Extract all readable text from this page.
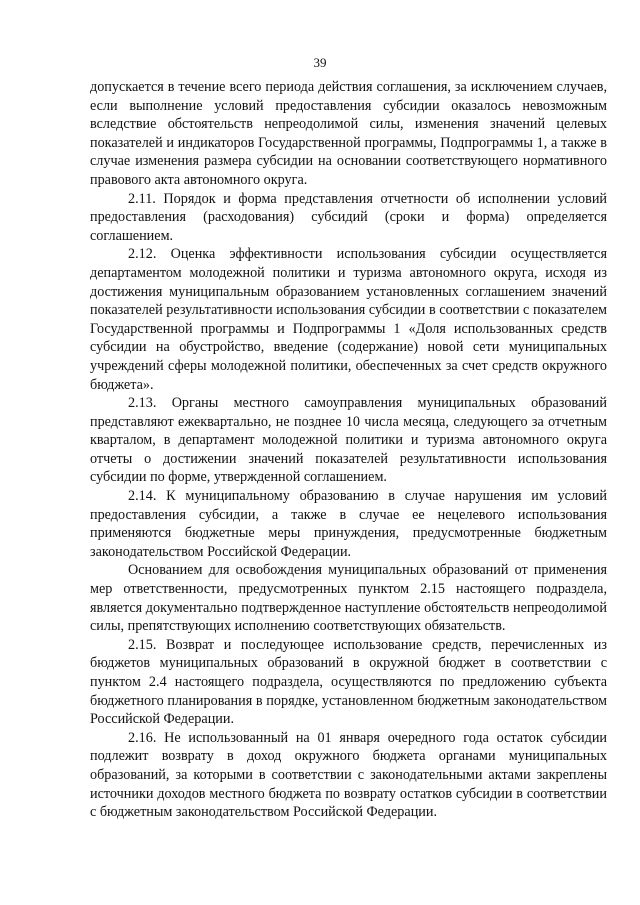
39

допускается в течение всего периода действия соглашения, за исключением случаев, если выполнение условий предоставления субсидии оказалось невозможным вследствие обстоятельств непреодолимой силы, изменения значений целевых показателей и индикаторов Государственной программы, Подпрограммы 1, а также в случае изменения размера субсидии на основании соответствующего нормативного правового акта автономного округа.

2.11. Порядок и форма представления отчетности об исполнении условий предоставления (расходования) субсидий (сроки и форма) определяется соглашением.

2.12. Оценка эффективности использования субсидии осуществляется департаментом молодежной политики и туризма автономного округа, исходя из достижения муниципальным образованием установленных соглашением значений показателей результативности использования субсидии в соответствии с показателем Государственной программы и Подпрограммы 1 «Доля использованных средств субсидии на обустройство, введение (содержание) новой сети муниципальных учреждений сферы молодежной политики, обеспеченных за счет средств окружного бюджета».

2.13. Органы местного самоуправления муниципальных образований представляют ежеквартально, не позднее 10 числа месяца, следующего за отчетным кварталом, в департамент молодежной политики и туризма автономного округа отчеты о достижении значений показателей результативности использования субсидии по форме, утвержденной соглашением.

2.14. К муниципальному образованию в случае нарушения им условий предоставления субсидии, а также в случае ее нецелевого использования применяются бюджетные меры принуждения, предусмотренные бюджетным законодательством Российской Федерации.

Основанием для освобождения муниципальных образований от применения мер ответственности, предусмотренных пунктом 2.15 настоящего подраздела, является документально подтвержденное наступление обстоятельств непреодолимой силы, препятствующих исполнению соответствующих обязательств.

2.15. Возврат и последующее использование средств, перечисленных из бюджетов муниципальных образований в окружной бюджет в соответствии с пунктом 2.4 настоящего подраздела, осуществляются по предложению субъекта бюджетного планирования в порядке, установленном бюджетным законодательством Российской Федерации.

2.16. Не использованный на 01 января очередного года остаток субсидии подлежит возврату в доход окружного бюджета органами муниципальных образований, за которыми в соответствии с законодательными актами закреплены источники доходов местного бюджета по возврату остатков субсидии в соответствии с бюджетным законодательством Российской Федерации.
